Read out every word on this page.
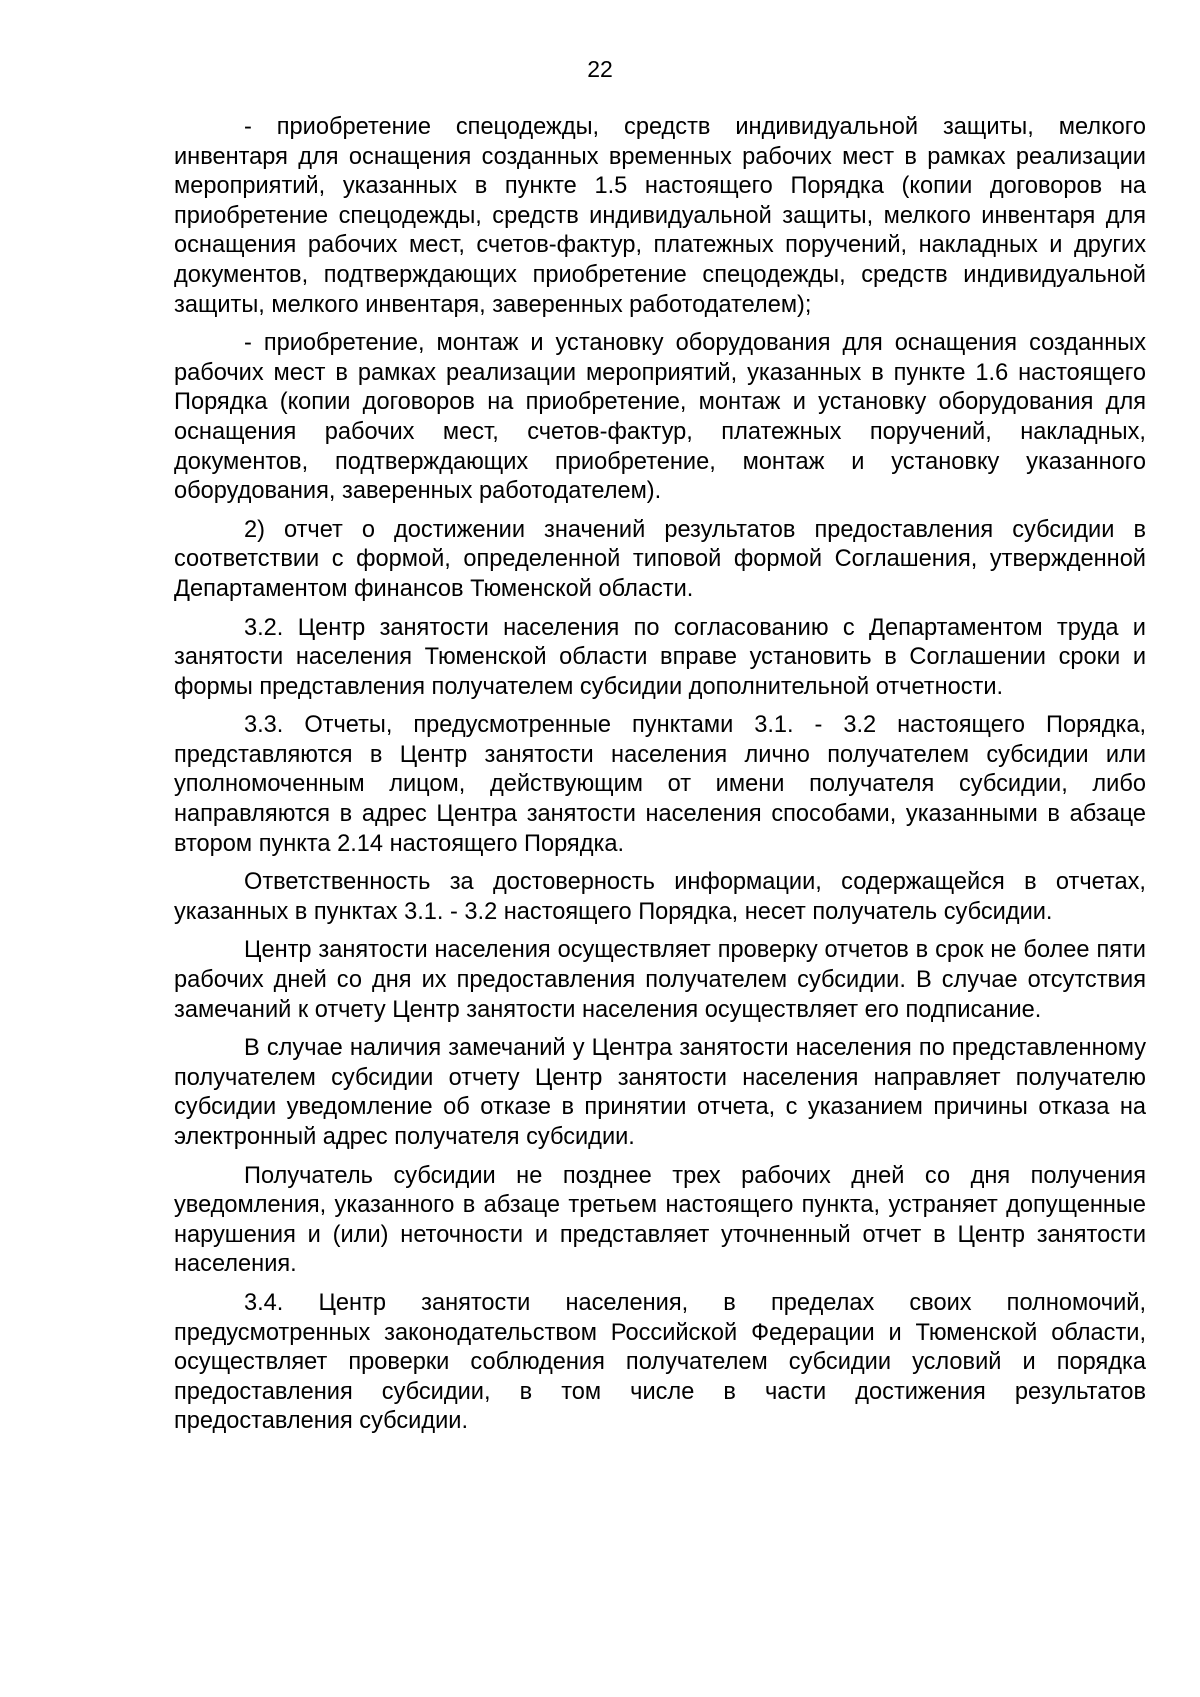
22

- приобретение спецодежды, средств индивидуальной защиты, мелкого инвентаря для оснащения созданных временных рабочих мест в рамках реализации мероприятий, указанных в пункте 1.5 настоящего Порядка (копии договоров на приобретение спецодежды, средств индивидуальной защиты, мелкого инвентаря для оснащения рабочих мест, счетов-фактур, платежных поручений, накладных и других документов, подтверждающих приобретение спецодежды, средств индивидуальной защиты, мелкого инвентаря, заверенных работодателем);

- приобретение, монтаж и установку оборудования для оснащения созданных рабочих мест в рамках реализации мероприятий, указанных в пункте 1.6 настоящего Порядка (копии договоров на приобретение, монтаж и установку оборудования для оснащения рабочих мест, счетов-фактур, платежных поручений, накладных, документов, подтверждающих приобретение, монтаж и установку указанного оборудования, заверенных работодателем).

2) отчет о достижении значений результатов предоставления субсидии в соответствии с формой, определенной типовой формой Соглашения, утвержденной Департаментом финансов Тюменской области.

3.2. Центр занятости населения по согласованию с Департаментом труда и занятости населения Тюменской области вправе установить в Соглашении сроки и формы представления получателем субсидии дополнительной отчетности.

3.3. Отчеты, предусмотренные пунктами 3.1. - 3.2 настоящего Порядка, представляются в Центр занятости населения лично получателем субсидии или уполномоченным лицом, действующим от имени получателя субсидии, либо направляются в адрес Центра занятости населения способами, указанными в абзаце втором пункта 2.14 настоящего Порядка.

Ответственность за достоверность информации, содержащейся в отчетах, указанных в пунктах 3.1. - 3.2 настоящего Порядка, несет получатель субсидии.

Центр занятости населения осуществляет проверку отчетов в срок не более пяти рабочих дней со дня их предоставления получателем субсидии. В случае отсутствия замечаний к отчету Центр занятости населения осуществляет его подписание.

В случае наличия замечаний у Центра занятости населения по представленному получателем субсидии отчету Центр занятости населения направляет получателю субсидии уведомление об отказе в принятии отчета, с указанием причины отказа на электронный адрес получателя субсидии.

Получатель субсидии не позднее трех рабочих дней со дня получения уведомления, указанного в абзаце третьем настоящего пункта, устраняет допущенные нарушения и (или) неточности и представляет уточненный отчет в Центр занятости населения.

3.4. Центр занятости населения, в пределах своих полномочий, предусмотренных законодательством Российской Федерации и Тюменской области, осуществляет проверки соблюдения получателем субсидии условий и порядка предоставления субсидии, в том числе в части достижения результатов предоставления субсидии.
